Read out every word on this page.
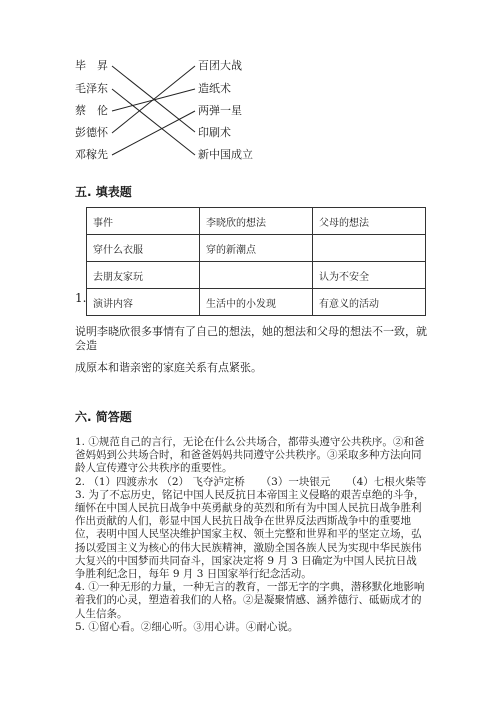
毕　昇
毛泽东
蔡　伦
彭德怀
邓稼先
百团大战
造纸术
两弹一星
印刷术
新中国成立
五. 填表题
1.
事件	李晓欣的想法	父母的想法
穿什么衣服	穿的新潮点	
去朋友家玩		认为不安全
演讲内容	生活中的小发现	有意义的活动
说明李晓欣很多事情有了自己的想法，她的想法和父母的想法不一致，就会造
成原本和谐亲密的家庭关系有点紧张。
六. 简答题

1. ①规范自己的言行，无论在什么公共场合，都带头遵守公共秩序。②和爸爸妈妈到公共场合时，和爸爸妈妈共同遵守公共秩序。③采取多种方法向同龄人宣传遵守公共秩序的重要性。

2. （1）四渡赤水 （2） 飞夺泸定桥　　（3）一块银元　　（4）七根火柴等

3. 为了不忘历史，铭记中国人民反抗日本帝国主义侵略的艰苦卓绝的斗争，缅怀在中国人民抗日战争中英勇献身的英烈和所有为中国人民抗日战争胜利作出贡献的人们，彰显中国人民抗日战争在世界反法西斯战争中的重要地位，表明中国人民坚决维护国家主权、领土完整和世界和平的坚定立场，弘扬以爱国主义为核心的伟大民族精神，激励全国各族人民为实现中华民族伟大复兴的中国梦而共同奋斗，国家决定将 9 月 3 日确定为中国人民抗日战争胜利纪念日，每年 9 月 3 日国家举行纪念活动。

4. ①一种无形的力量，一种无言的教育，一部无字的字典，潜移默化地影响着我们的心灵，塑造着我们的人格。②是凝聚情感、涵养德行、砥砺成才的人生信条。

5. ①留心看。②细心听。③用心讲。④耐心说。
